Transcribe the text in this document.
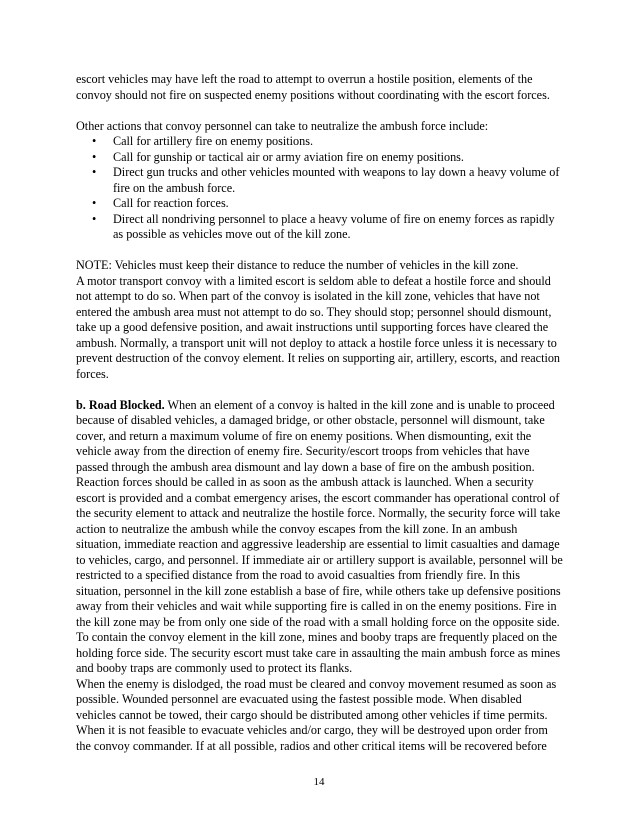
escort vehicles may have left the road to attempt to overrun a hostile position, elements of the convoy should not fire on suspected enemy positions without coordinating with the escort forces.

Other actions that convoy personnel can take to neutralize the ambush force include:

• Call for artillery fire on enemy positions.
• Call for gunship or tactical air or army aviation fire on enemy positions.
• Direct gun trucks and other vehicles mounted with weapons to lay down a heavy volume of fire on the ambush force.
• Call for reaction forces.
• Direct all nondriving personnel to place a heavy volume of fire on enemy forces as rapidly as possible as vehicles move out of the kill zone.

NOTE: Vehicles must keep their distance to reduce the number of vehicles in the kill zone.

A motor transport convoy with a limited escort is seldom able to defeat a hostile force and should not attempt to do so. When part of the convoy is isolated in the kill zone, vehicles that have not entered the ambush area must not attempt to do so. They should stop; personnel should dismount, take up a good defensive position, and await instructions until supporting forces have cleared the ambush. Normally, a transport unit will not deploy to attack a hostile force unless it is necessary to prevent destruction of the convoy element. It relies on supporting air, artillery, escorts, and reaction forces.

b. Road Blocked. When an element of a convoy is halted in the kill zone and is unable to proceed because of disabled vehicles, a damaged bridge, or other obstacle, personnel will dismount, take cover, and return a maximum volume of fire on enemy positions. When dismounting, exit the vehicle away from the direction of enemy fire. Security/escort troops from vehicles that have passed through the ambush area dismount and lay down a base of fire on the ambush position. Reaction forces should be called in as soon as the ambush attack is launched. When a security escort is provided and a combat emergency arises, the escort commander has operational control of the security element to attack and neutralize the hostile force. Normally, the security force will take action to neutralize the ambush while the convoy escapes from the kill zone. In an ambush situation, immediate reaction and aggressive leadership are essential to limit casualties and damage to vehicles, cargo, and personnel. If immediate air or artillery support is available, personnel will be restricted to a specified distance from the road to avoid casualties from friendly fire. In this situation, personnel in the kill zone establish a base of fire, while others take up defensive positions away from their vehicles and wait while supporting fire is called in on the enemy positions. Fire in the kill zone may be from only one side of the road with a small holding force on the opposite side. To contain the convoy element in the kill zone, mines and booby traps are frequently placed on the holding force side. The security escort must take care in assaulting the main ambush force as mines and booby traps are commonly used to protect its flanks.

When the enemy is dislodged, the road must be cleared and convoy movement resumed as soon as possible. Wounded personnel are evacuated using the fastest possible mode. When disabled vehicles cannot be towed, their cargo should be distributed among other vehicles if time permits. When it is not feasible to evacuate vehicles and/or cargo, they will be destroyed upon order from the convoy commander. If at all possible, radios and other critical items will be recovered before

14
